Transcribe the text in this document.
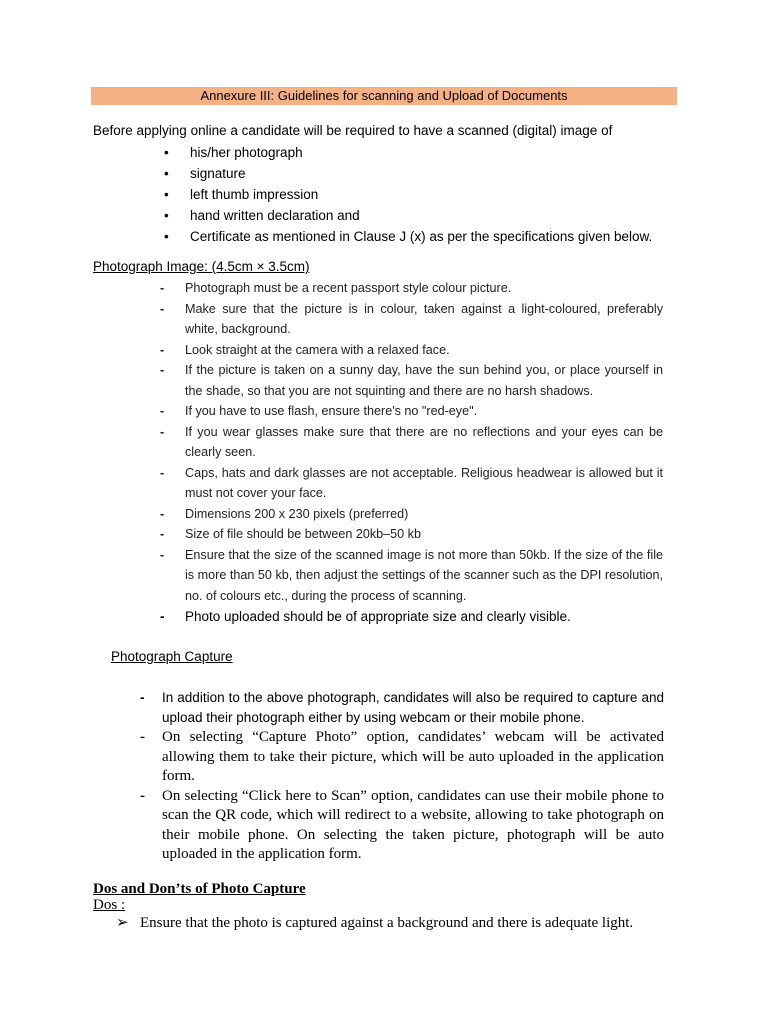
Annexure III: Guidelines for scanning and Upload of Documents
Before applying online a candidate will be required to have a scanned (digital) image of
• his/her photograph
• signature
• left thumb impression
• hand written declaration and
• Certificate as mentioned in Clause J (x) as per the specifications given below.
Photograph Image: (4.5cm × 3.5cm)
- Photograph must be a recent passport style colour picture.
- Make sure that the picture is in colour, taken against a light-coloured, preferably white, background.
- Look straight at the camera with a relaxed face.
- If the picture is taken on a sunny day, have the sun behind you, or place yourself in the shade, so that you are not squinting and there are no harsh shadows.
- If you have to use flash, ensure there's no "red-eye".
- If you wear glasses make sure that there are no reflections and your eyes can be clearly seen.
- Caps, hats and dark glasses are not acceptable. Religious headwear is allowed but it must not cover your face.
- Dimensions 200 x 230 pixels (preferred)
- Size of file should be between 20kb–50 kb
- Ensure that the size of the scanned image is not more than 50kb. If the size of the file is more than 50 kb, then adjust the settings of the scanner such as the DPI resolution, no. of colours etc., during the process of scanning.
- Photo uploaded should be of appropriate size and clearly visible.
Photograph Capture
- In addition to the above photograph, candidates will also be required to capture and upload their photograph either by using webcam or their mobile phone.
- On selecting “Capture Photo” option, candidates’ webcam will be activated allowing them to take their picture, which will be auto uploaded in the application form.
- On selecting “Click here to Scan” option, candidates can use their mobile phone to scan the QR code, which will redirect to a website, allowing to take photograph on their mobile phone. On selecting the taken picture, photograph will be auto uploaded in the application form.
Dos and Don’ts of Photo Capture
Dos :
➢ Ensure that the photo is captured against a background and there is adequate light.
